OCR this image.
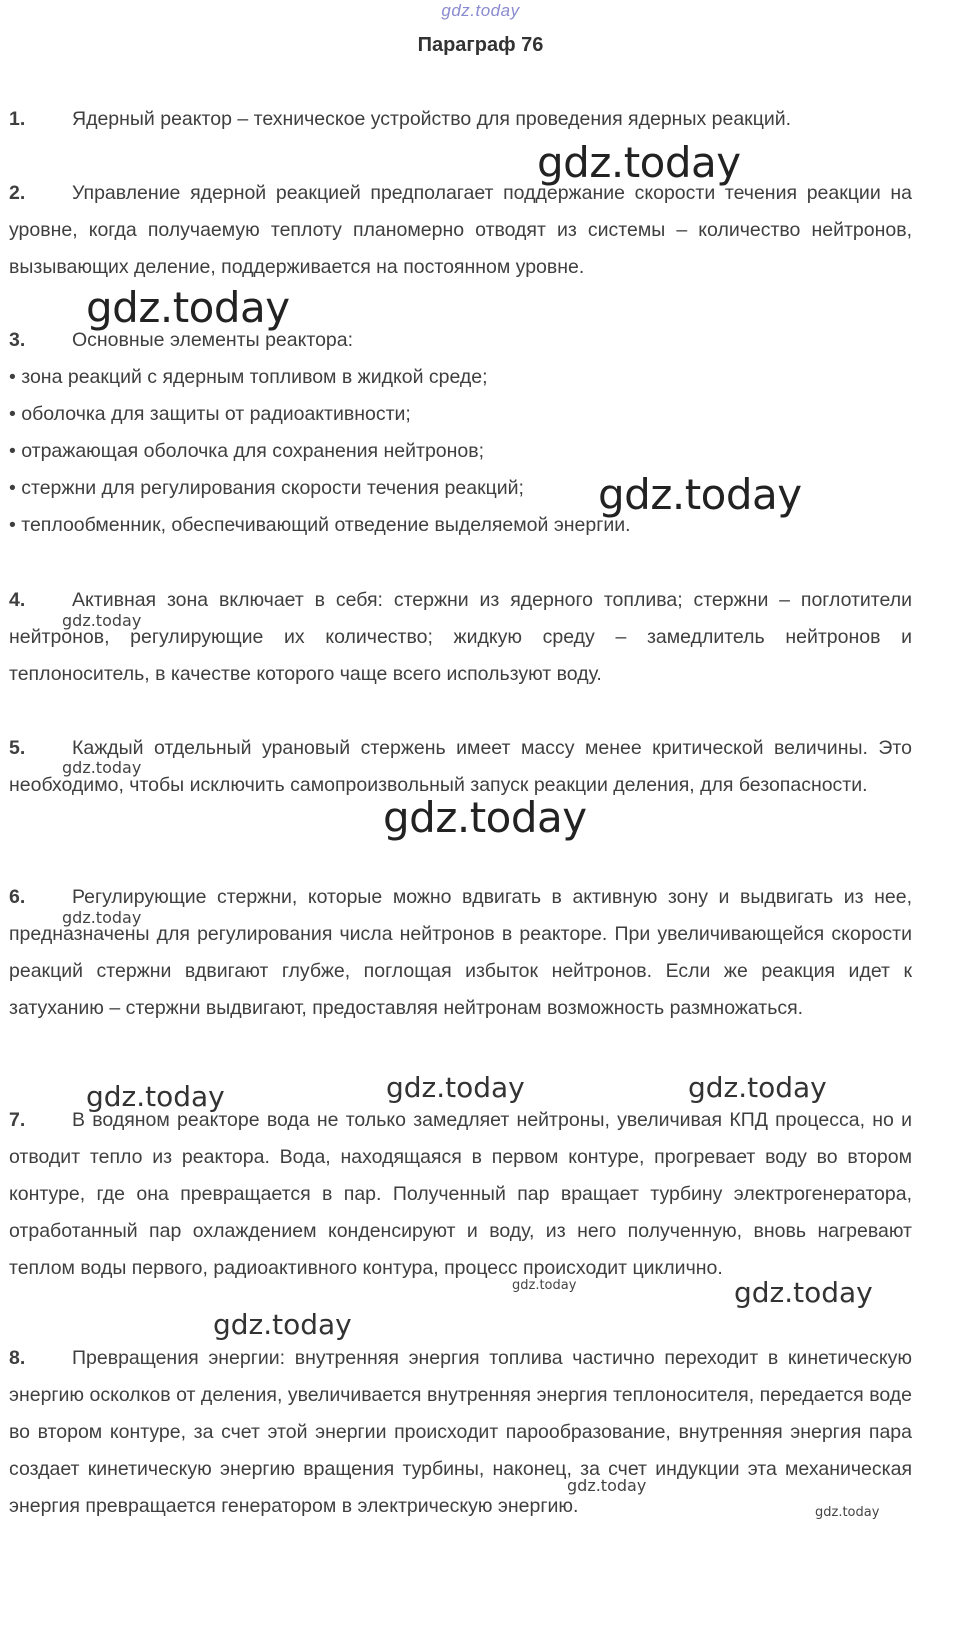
gdz.today
Параграф 76
1. Ядерный реактор – техническое устройство для проведения ядерных реакций.
2. Управление ядерной реакцией предполагает поддержание скорости течения реакции на уровне, когда получаемую теплоту планомерно отводят из системы – количество нейтронов, вызывающих деление, поддерживается на постоянном уровне.
3. Основные элементы реактора:
• зона реакций с ядерным топливом в жидкой среде;
• оболочка для защиты от радиоактивности;
• отражающая оболочка для сохранения нейтронов;
• стержни для регулирования скорости течения реакций;
• теплообменник, обеспечивающий отведение выделяемой энергии.
4. Активная зона включает в себя: стержни из ядерного топлива; стержни – поглотители нейтронов, регулирующие их количество; жидкую среду – замедлитель нейтронов и теплоноситель, в качестве которого чаще всего используют воду.
5. Каждый отдельный урановый стержень имеет массу менее критической величины. Это необходимо, чтобы исключить самопроизвольный запуск реакции деления, для безопасности.
6. Регулирующие стержни, которые можно вдвигать в активную зону и выдвигать из нее, предназначены для регулирования числа нейтронов в реакторе. При увеличивающейся скорости реакций стержни вдвигают глубже, поглощая избыток нейтронов. Если же реакция идет к затуханию – стержни выдвигают, предоставляя нейтронам возможность размножаться.
7. В водяном реакторе вода не только замедляет нейтроны, увеличивая КПД процесса, но и отводит тепло из реактора. Вода, находящаяся в первом контуре, прогревает воду во втором контуре, где она превращается в пар. Полученный пар вращает турбину электрогенератора, отработанный пар охлаждением конденсируют и воду, из него полученную, вновь нагревают теплом воды первого, радиоактивного контура, процесс происходит циклично.
8. Превращения энергии: внутренняя энергия топлива частично переходит в кинетическую энергию осколков от деления, увеличивается внутренняя энергия теплоносителя, передается воде во втором контуре, за счет этой энергии происходит парообразование, внутренняя энергия пара создает кинетическую энергию вращения турбины, наконец, за счет индукции эта механическая энергия превращается генератором в электрическую энергию.
gdz.today
gdz.today
gdz.today
gdz.today
gdz.today
gdz.today
gdz.today
gdz.today	gdz.today	gdz.today
gdz.today	gdz.today
gdz.today
gdz.today
gdz.today
